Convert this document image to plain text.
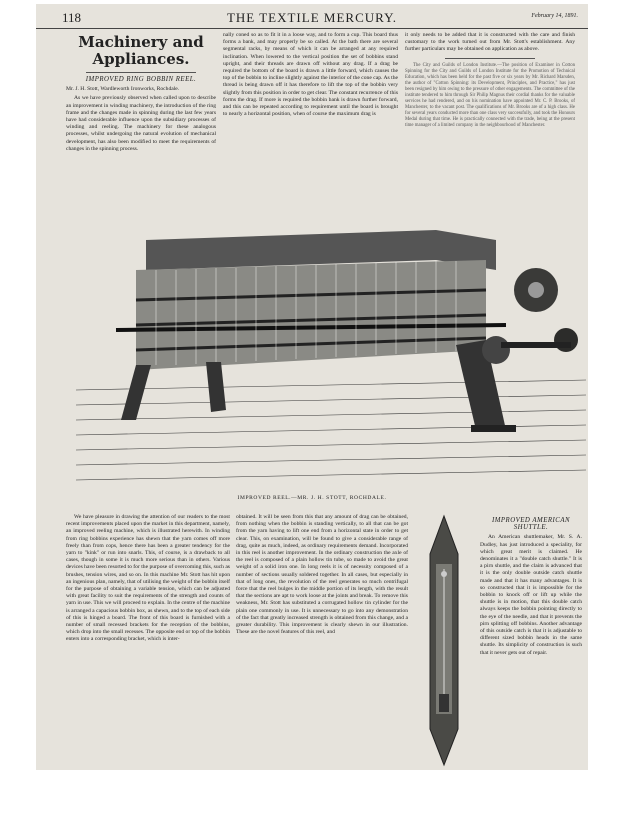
118	THE TEXTILE MERCURY.	February 14, 1891.
Machinery and
Appliances.
IMPROVED RING BOBBIN REEL.
Mr. J. H. Stott, Wardleworth Ironworks, Rochdale.

As we have previously observed when called upon to describe an improvement in winding machinery, the introduction of the ring frame and the changes made in spinning during the last few years have had considerable influence upon the subsidiary processes of winding and reeling. The machinery for these analogous processes, whilst undergoing the natural evolution of mechanical development, has also been modified to meet the requirements of changes in the spinning process.

nally coned so as to fit it in a loose way, and to form a cup. This board thus forms a bank, and may properly be so called. At the bath there are several segmental racks, by means of which it can be arranged at any required inclination. When lowered to the vertical position the set of bobbins stand upright, and their threads are drawn off without any drag. If a drag be required the bottom of the board is drawn a little forward, which causes the top of the bobbin to incline slightly against the interior of the cone cap. As the thread is being drawn off it has therefore to lift the top of the bobbin very slightly from this position in order to get clear. The constant recurrence of this forms the drag. If more is required the bobbin bank is drawn further forward, and this can be repeated according to requirement until the board is brought to nearly a horizontal position, when of course the maximum drag is

it only needs to be added that it is constructed with the care and finish customary to the work turned out from Mr. Stott's establishment. Any further particulars may be obtained on application as above.

The City and Guilds of London Institute.—The position of Examiner in Cotton Spinning for the City and Guilds of London Institute for the Promotion of Technical Education, which has been held for the past five or six years by Mr. Richard Marsden, the author of "Cotton Spinning: its Development, Principles, and Practice," has just been resigned by him owing to the pressure of other engagements. The committee of the institute tendered to him through Sir Philip Magnus their cordial thanks for the valuable services he had rendered, and on his nomination have appointed Mr. C. P. Brooks, of Manchester, to the vacant post. The qualifications of Mr. Brooks are of a high class. He for several years conducted more than one class very successfully, and took the Honours Medal during that time. He is practically connected with the trade, being at the present time manager of a limited company in the neighbourhood of Manchester.

IMPROVED REEL.—MR. J. H. STOTT, ROCHDALE.

We have pleasure in drawing the attention of our readers to the most recent improvements placed upon the market in this department, namely, an improved reeling machine, which is illustrated herewith. In winding from ring bobbins experience has shewn that the yarn comes off more freely than from cops, hence there has been a greater tendency for the yarn to "kink" or run into snarls. This, of course, is a drawback to all cases, though in some it is much more serious than in others. Various devices have been resorted to for the purpose of overcoming this, such as brushes, tension wires, and so on. In this machine Mr. Stott has hit upon an ingenious plan, namely, that of utilising the weight of the bobbin itself for the purpose of obtaining a variable tension, which can be adjusted with great facility to suit the requirements of the strength and counts of yarn in use. This we will proceed to explain. In the centre of the machine is arranged a capacious bobbin box, as shewn, and to the top of each side of this is hinged a board. The front of this board is furnished with a number of small recessed brackets for the reception of the bobbins, which drop into the small recesses. The opposite end or top of the bobbin enters into a corresponding bracket, which is inter-

obtained. It will be seen from this that any amount of drag can be obtained, from nothing when the bobbin is standing vertically, to all that can be got from the yarn having to lift one end from a horizontal state in order to get clear. This, on examination, will be found to give a considerable range of drag, quite as much, indeed, as ordinary requirements demand. Incorporated in this reel is another improvement. In the ordinary construction the axle of the reel is composed of a plain hollow tin tube, so made to avoid the great weight of a solid iron one. In long reels it is of necessity composed of a number of sections usually soldered together. In all cases, but especially in that of long ones, the revolution of the reel generates so much centrifugal force that the reel bulges in the middle portion of its length, with the result that the sections are apt to work loose at the joints and break. To remove this weakness, Mr. Stott has substituted a corrugated hollow tin cylinder for the plain one commonly in use. It is unnecessary to go into any demonstration of the fact that greatly increased strength is obtained from this change, and a greater durability. This improvement is clearly shewn in our illustration. These are the novel features of this reel, and

IMPROVED AMERICAN SHUTTLE.

An American shuttlemaker, Mr. S. A. Dudley, has just introduced a speciality, for which great merit is claimed. He denominates it a "double catch shuttle." It is a pirn shuttle, and the claim is advanced that it is the only double outside catch shuttle made and that it has many advantages. It is so constructed that it is impossible for the bobbin to knock off or lift up while the shuttle is in motion, that this double catch always keeps the bobbin pointing directly to the eye of the needle, and that it prevents the pirn splitting off bobbins. Another advantage of this outside catch is that it is adjustable to different sized bobbin heads in the same shuttle. Its simplicity of construction is such that it never gets out of repair.
